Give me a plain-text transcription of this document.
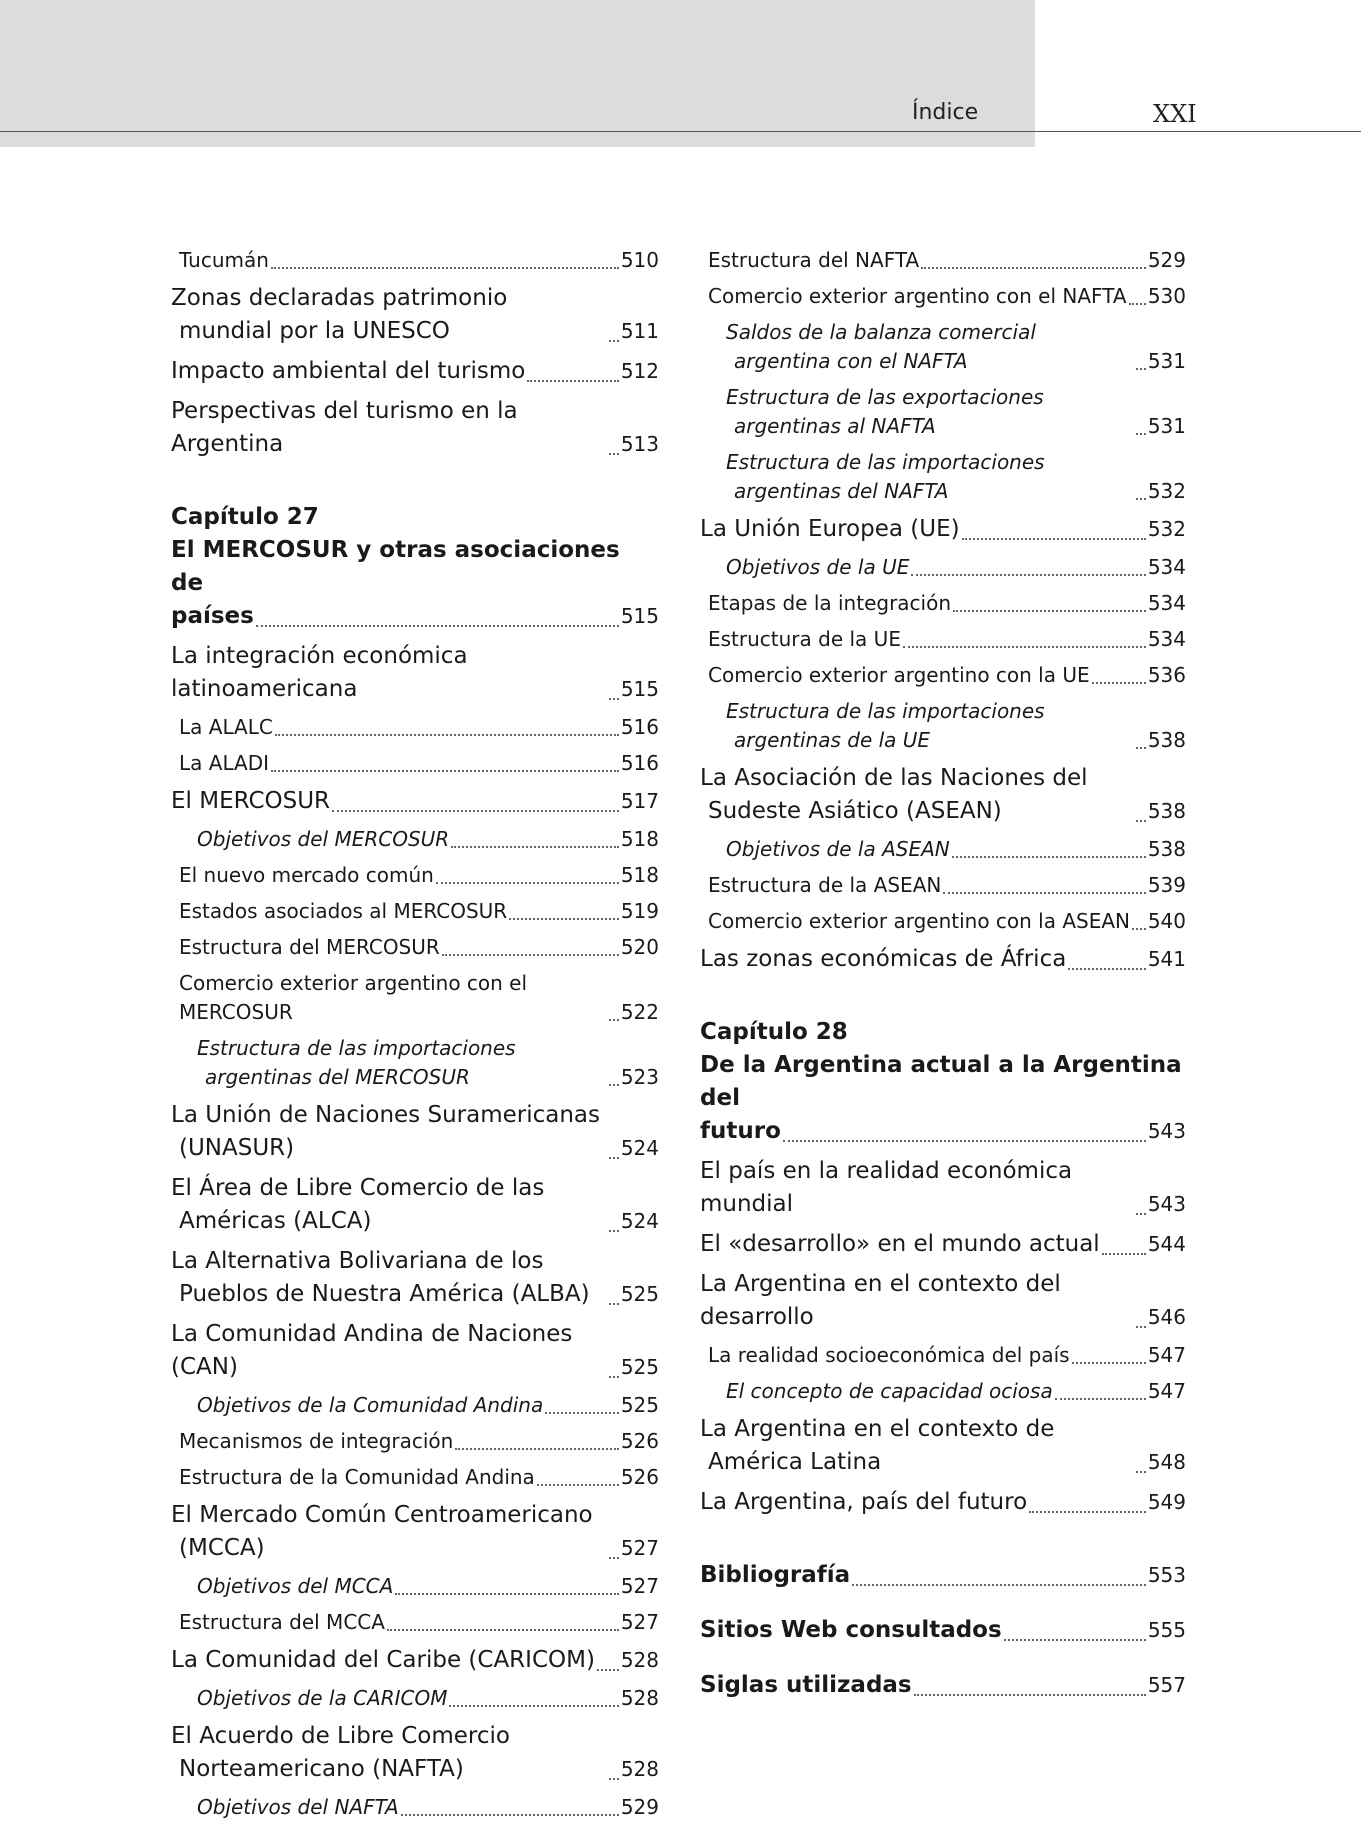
Índice	XXI
Tucumán	510
Zonas declaradas patrimonio mundial por la UNESCO	511
Impacto ambiental del turismo	512
Perspectivas del turismo en la Argentina	513
Capítulo 27
El MERCOSUR y otras asociaciones de
países	515
La integración económica latinoamericana	515
La ALALC	516
La ALADI	516
El MERCOSUR	517
Objetivos del MERCOSUR	518
El nuevo mercado común	518
Estados asociados al MERCOSUR	519
Estructura del MERCOSUR	520
Comercio exterior argentino con el MERCOSUR	522
Estructura de las importaciones argentinas del MERCOSUR	523
La Unión de Naciones Suramericanas (UNASUR)	524
El Área de Libre Comercio de las Américas (ALCA)	524
La Alternativa Bolivariana de los Pueblos de Nuestra América (ALBA)	525
La Comunidad Andina de Naciones (CAN)	525
Objetivos de la Comunidad Andina	525
Mecanismos de integración	526
Estructura de la Comunidad Andina	526
El Mercado Común Centroamericano (MCCA)	527
Objetivos del MCCA	527
Estructura del MCCA	527
La Comunidad del Caribe (CARICOM) 528
Objetivos de la CARICOM	528
El Acuerdo de Libre Comercio Norteamericano (NAFTA)	528
Objetivos del NAFTA	529
Estructura del NAFTA	529
Comercio exterior argentino con el NAFTA 530
Saldos de la balanza comercial argentina con el NAFTA	531
Estructura de las exportaciones argentinas al NAFTA	531
Estructura de las importaciones argentinas del NAFTA	532
La Unión Europea (UE)	532
Objetivos de la UE	534
Etapas de la integración	534
Estructura de la UE	534
Comercio exterior argentino con la UE	536
Estructura de las importaciones argentinas de la UE	538
La Asociación de las Naciones del Sudeste Asiático (ASEAN)	538
Objetivos de la ASEAN	538
Estructura de la ASEAN	539
Comercio exterior argentino con la ASEAN 540
Las zonas económicas de África	541
Capítulo 28
De la Argentina actual a la Argentina del
futuro	543
El país en la realidad económica mundial	543
El «desarrollo» en el mundo actual 544
La Argentina en el contexto del desarrollo	546
La realidad socioeconómica del país	547
El concepto de capacidad ociosa	547
La Argentina en el contexto de América Latina	548
La Argentina, país del futuro	549
Bibliografía	553
Sitios Web consultados	555
Siglas utilizadas	557
